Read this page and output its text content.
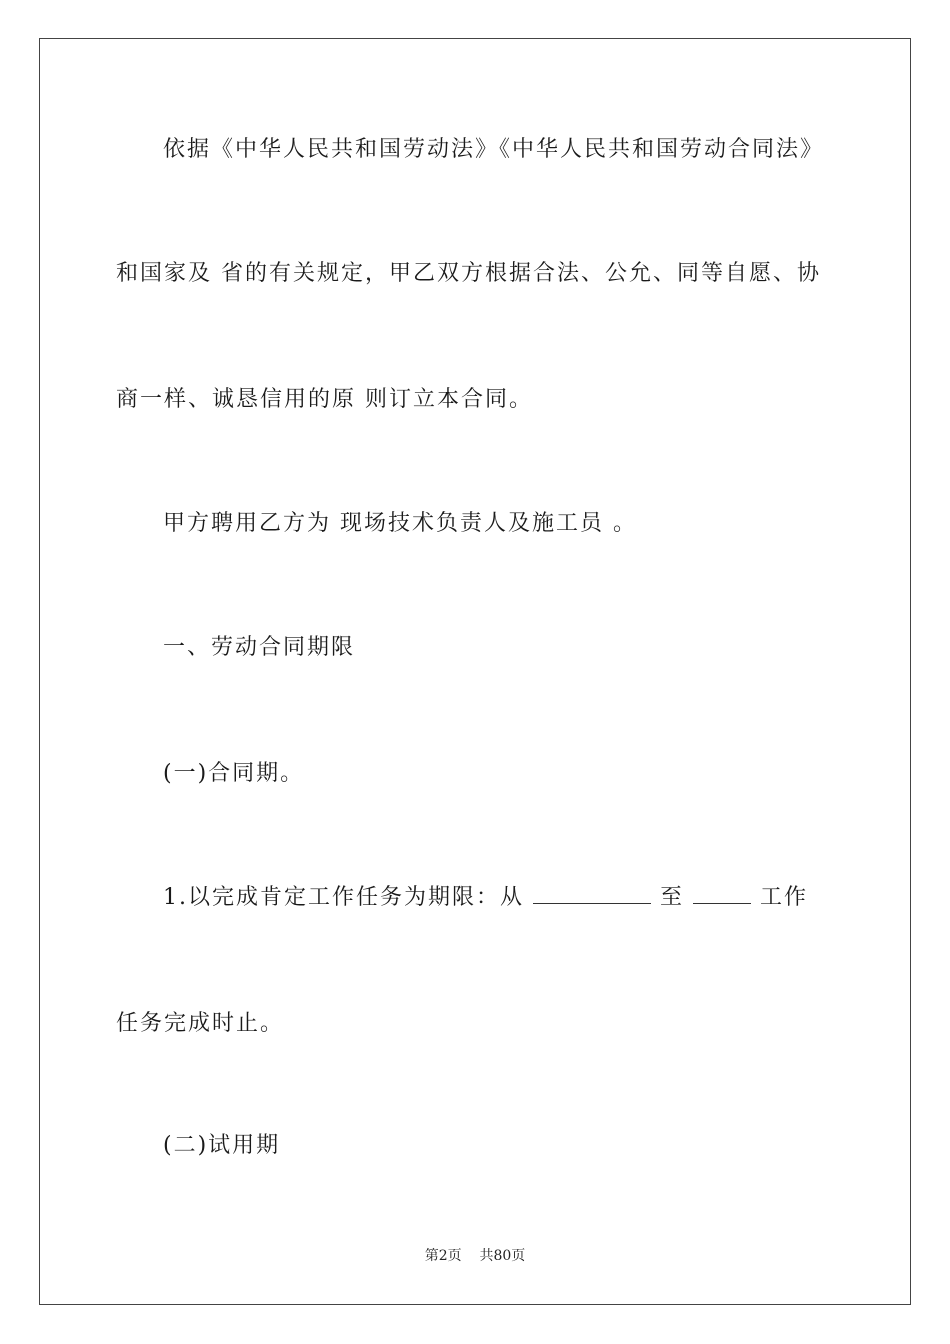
依据《中华人民共和国劳动法》《中华人民共和国劳动合同法》
和国家及 省的有关规定，甲乙双方根据合法、公允、同等自愿、协
商一样、诚恳信用的原 则订立本合同。
甲方聘用乙方为 现场技术负责人及施工员 。
一、劳动合同期限
(一)合同期。
1.以完成肯定工作任务为期限：从	至	工作
任务完成时止。
(二)试用期
第2页 共80页
